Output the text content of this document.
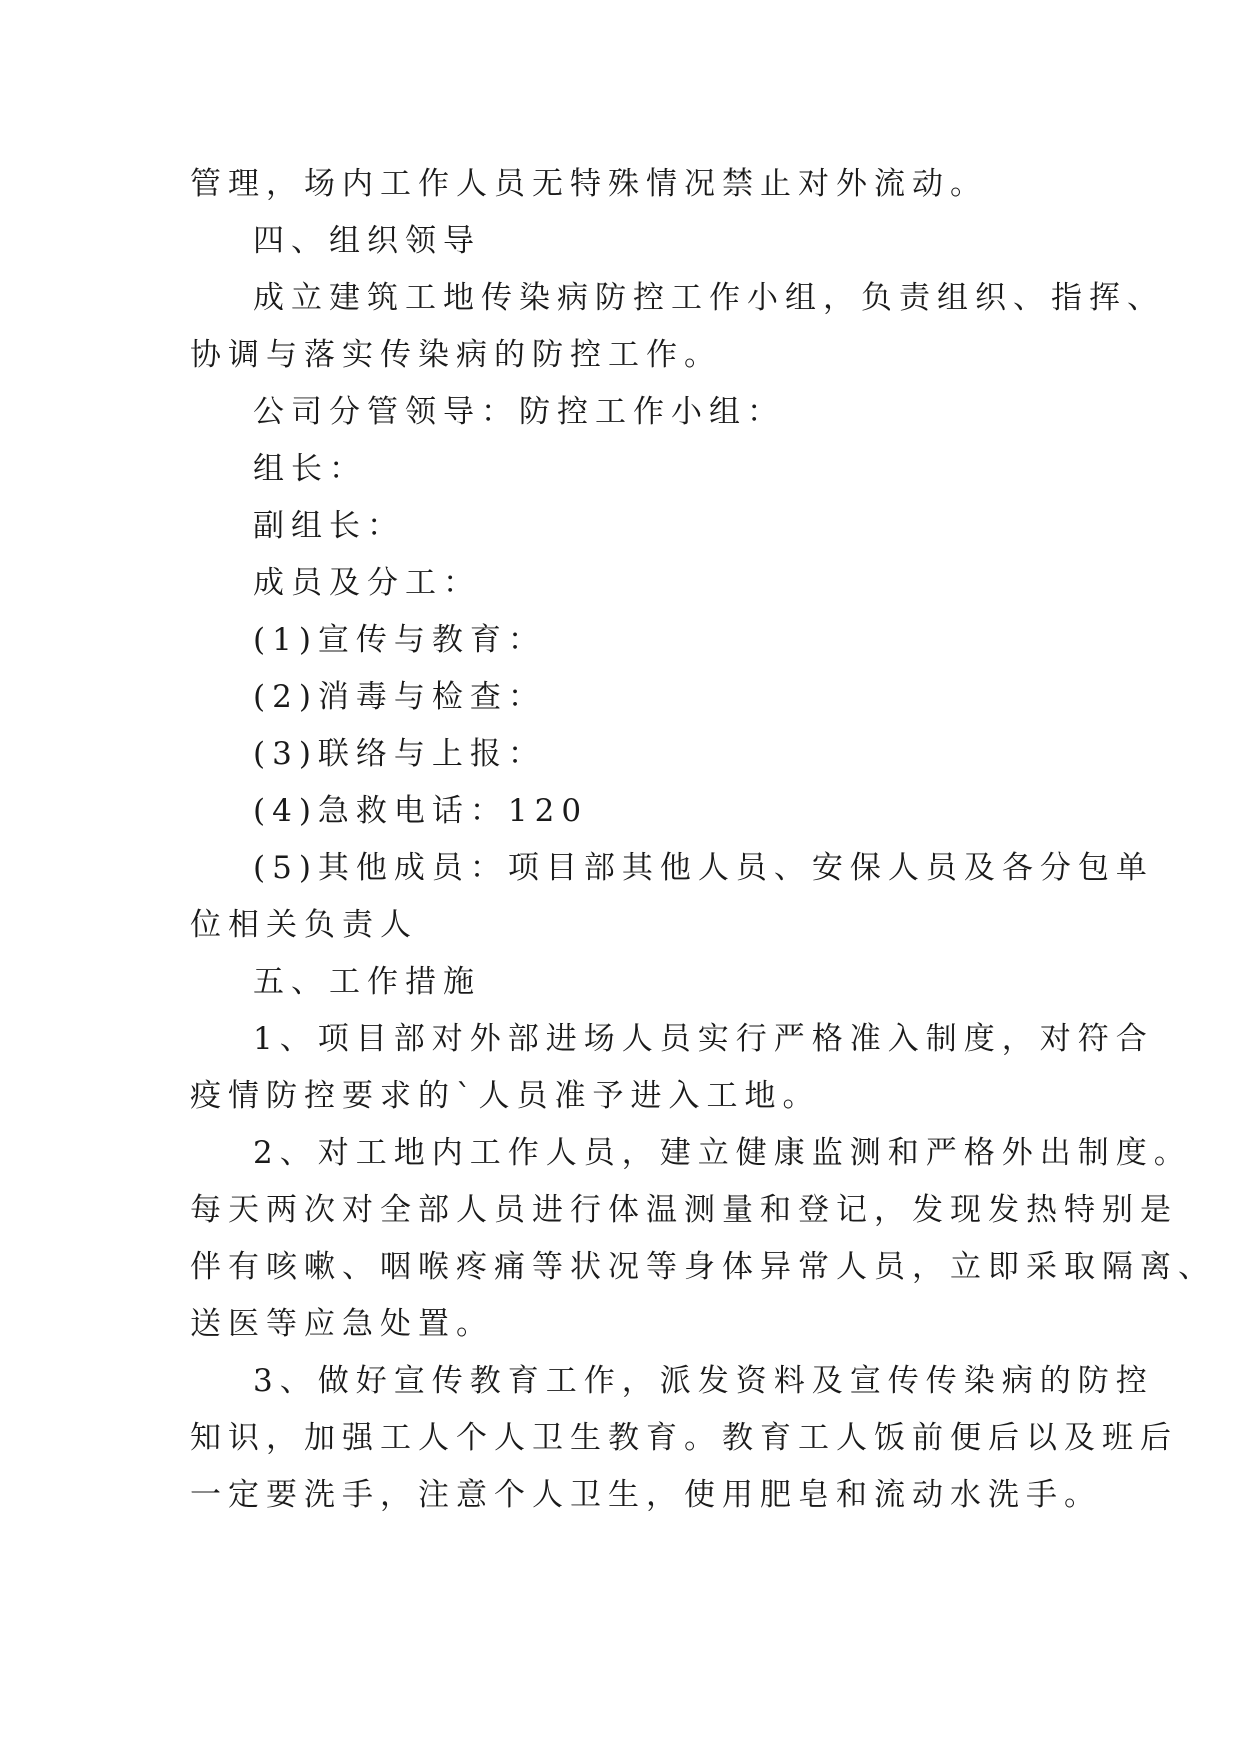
管理，场内工作人员无特殊情况禁止对外流动。
四、组织领导
成立建筑工地传染病防控工作小组，负责组织、指挥、
协调与落实传染病的防控工作。
公司分管领导：防控工作小组：
组长：
副组长：
成员及分工：
(1)宣传与教育：
(2)消毒与检查：
(3)联络与上报：
(4)急救电话：120
(5)其他成员：项目部其他人员、安保人员及各分包单
位相关负责人
五、工作措施
1、项目部对外部进场人员实行严格准入制度，对符合
疫情防控要求的`人员准予进入工地。
2、对工地内工作人员，建立健康监测和严格外出制度。
每天两次对全部人员进行体温测量和登记，发现发热特别是
伴有咳嗽、咽喉疼痛等状况等身体异常人员，立即采取隔离、
送医等应急处置。
3、做好宣传教育工作，派发资料及宣传传染病的防控
知识，加强工人个人卫生教育。教育工人饭前便后以及班后
一定要洗手，注意个人卫生，使用肥皂和流动水洗手。
